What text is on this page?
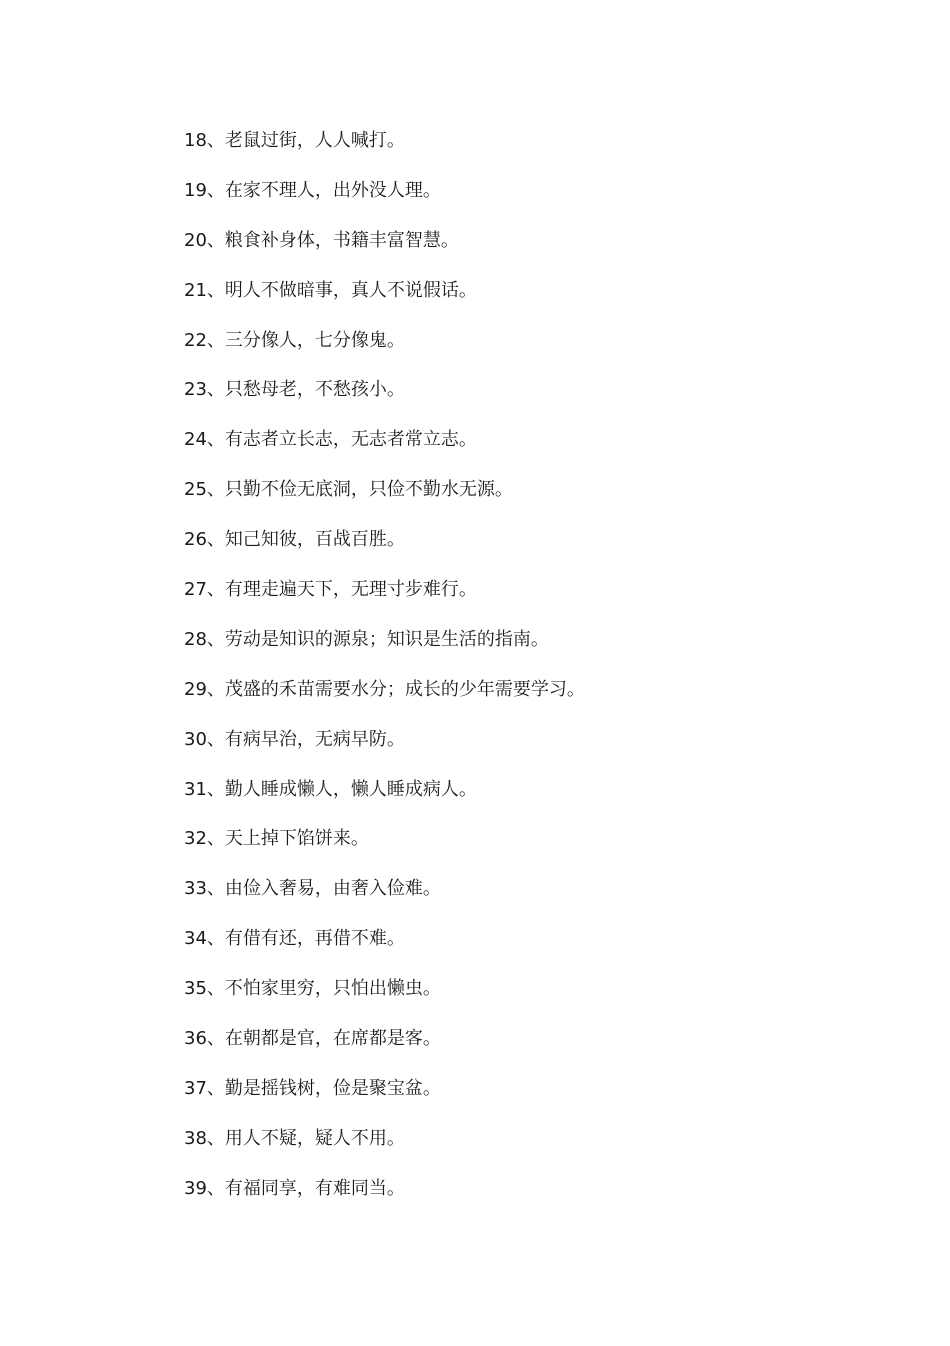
18、老鼠过街，人人喊打。
19、在家不理人，出外没人理。
20、粮食补身体，书籍丰富智慧。
21、明人不做暗事，真人不说假话。
22、三分像人，七分像鬼。
23、只愁母老，不愁孩小。
24、有志者立长志，无志者常立志。
25、只勤不俭无底洞，只俭不勤水无源。
26、知己知彼，百战百胜。
27、有理走遍天下，无理寸步难行。
28、劳动是知识的源泉；知识是生活的指南。
29、茂盛的禾苗需要水分；成长的少年需要学习。
30、有病早治，无病早防。
31、勤人睡成懒人，懒人睡成病人。
32、天上掉下馅饼来。
33、由俭入奢易，由奢入俭难。
34、有借有还，再借不难。
35、不怕家里穷，只怕出懒虫。
36、在朝都是官，在席都是客。
37、勤是摇钱树，俭是聚宝盆。
38、用人不疑，疑人不用。
39、有福同享，有难同当。
